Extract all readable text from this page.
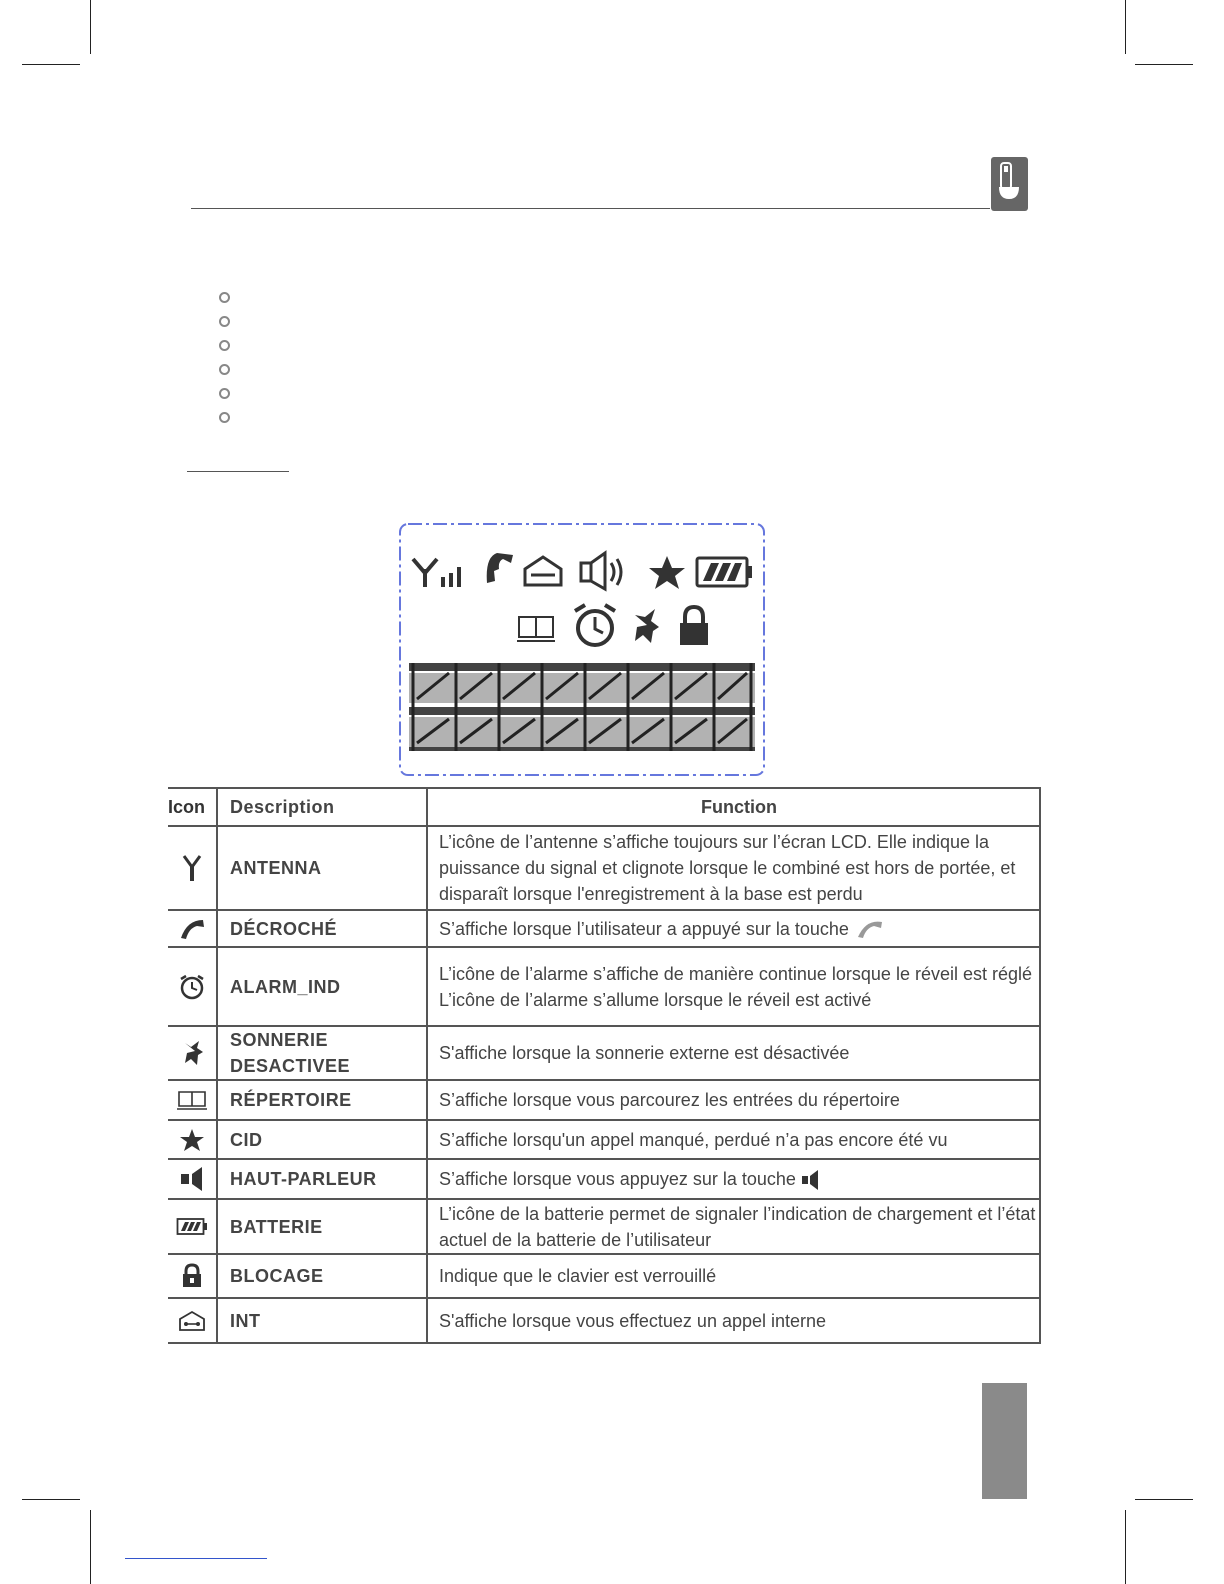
Icon	Description	Function
	ANTENNA	L’icône de l’antenne s’affiche toujours sur l’écran LCD. Elle indique la puissance du signal et clignote lorsque le combiné est hors de portée, et disparaît lorsque l'enregistrement à la base est perdu
	DÉCROCHÉ	S’affiche lorsque l’utilisateur a appuyé sur la touche
	ALARM_IND	L’icône de l’alarme s’affiche de manière continue lorsque le réveil est réglé
L’icône de l’alarme s’allume lorsque le réveil est activé

	SONNERIE DESACTIVEE	S'affiche lorsque la sonnerie externe est désactivée
	RÉPERTOIRE	S’affiche lorsque vous parcourez les entrées du répertoire
	CID	S’affiche lorsqu'un appel manqué, perdué n’a pas encore été vu
	HAUT-PARLEUR	S’affiche lorsque vous appuyez sur la touche
	BATTERIE	L’icône de la batterie permet de signaler l’indication de chargement et l’état actuel de la batterie de l’utilisateur
	BLOCAGE	Indique que le clavier est verrouillé
	INT	S'affiche lorsque vous effectuez un appel interne
